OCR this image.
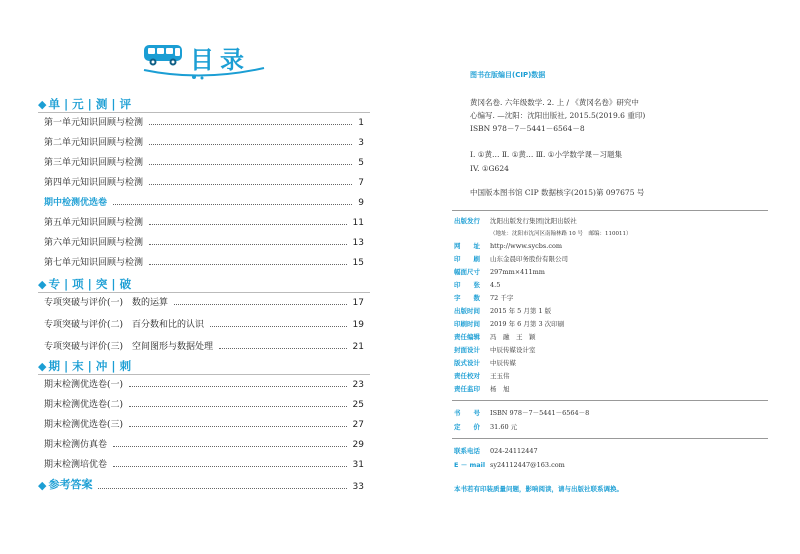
目录
◆ 单 | 元 | 测 | 评
第一单元知识回顾与检测	1
第二单元知识回顾与检测	3
第三单元知识回顾与检测	5
第四单元知识回顾与检测	7
期中检测优选卷	9
第五单元知识回顾与检测	11
第六单元知识回顾与检测	13
第七单元知识回顾与检测	15
◆ 专 | 项 | 突 | 破
专项突破与评价(一)　数的运算	17
专项突破与评价(二)　百分数和比的认识	19
专项突破与评价(三)　空间图形与数据处理	21
◆ 期 | 末 | 冲 | 刺
期末检测优选卷(一)	23
期末检测优选卷(二)	25
期末检测优选卷(三)	27
期末检测仿真卷	29
期末检测培优卷	31
◆ 参考答案	33
图书在版编目(CIP)数据
黄冈名卷. 六年级数学. 2. 上 / 《黄冈名卷》研究中
心编写. —沈阳：沈阳出版社, 2015.5(2019.6 重印)
ISBN 978－7－5441－6564－8
Ⅰ. ①黄… Ⅱ. ①黄… Ⅲ. ①小学数学课－习题集
IV. ①G624
中国版本图书馆 CIP 数据核字(2015)第 097675 号
出版发行 沈阳出版发行集团|沈阳出版社
（地址：沈阳市沈河区南翰林路 10 号　邮编：110011）
网　　址 http://www.sycbs.com
印　　刷 山东金晨印务股份有限公司
幅面尺寸 297mm×411mm
印　　张 4.5
字　　数 72 千字
出版时间 2015 年 5 月第 1 版
印刷时间 2019 年 6 月第 3 次印刷
责任编辑 冯　融　王　颖
封面设计 中辰传媒设计室
版式设计 中辰传媒
责任校对 王玉伟
责任监印 杨　旭
书　　号 ISBN 978－7－5441－6564－8
定　　价 31.60 元
联系电话 024-24112447
E － mail sy24112447@163.com
本书若有印装质量问题，影响阅读，请与出版社联系调换。
